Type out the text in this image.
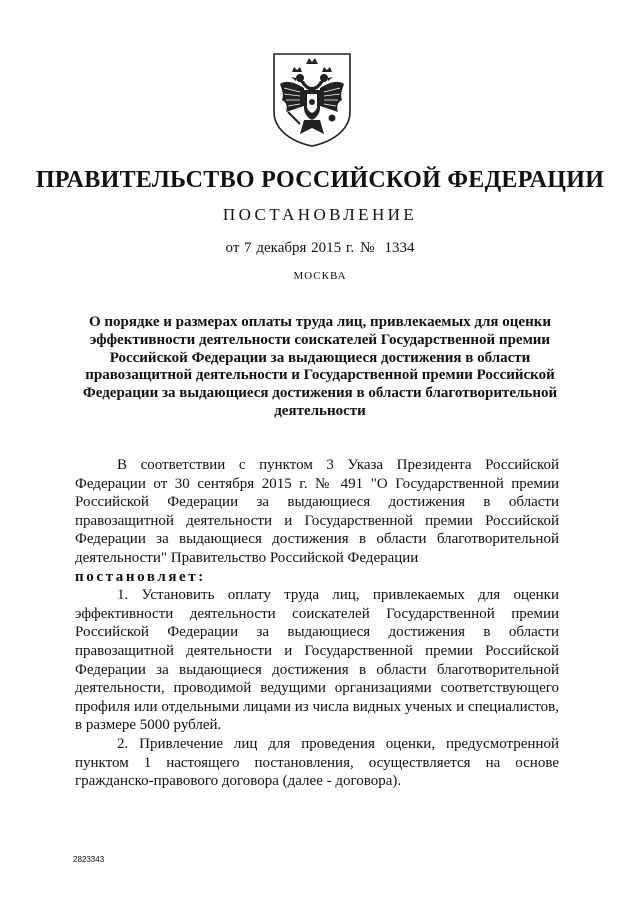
ПРАВИТЕЛЬСТВО РОССИЙСКОЙ ФЕДЕРАЦИИ
ПОСТАНОВЛЕНИЕ
от 7 декабря 2015 г. № 1334
МОСКВА
О порядке и размерах оплаты труда лиц, привлекаемых для оценки эффективности деятельности соискателей Государственной премии Российской Федерации за выдающиеся достижения в области правозащитной деятельности и Государственной премии Российской Федерации за выдающиеся достижения в области благотворительной деятельности

В соответствии с пунктом 3 Указа Президента Российской Федерации от 30 сентября 2015 г. № 491 "О Государственной премии Российской Федерации за выдающиеся достижения в области правозащитной деятельности и Государственной премии Российской Федерации за выдающиеся достижения в области благотворительной деятельности" Правительство Российской Федерации
постановляет:

1. Установить оплату труда лиц, привлекаемых для оценки эффективности деятельности соискателей Государственной премии Российской Федерации за выдающиеся достижения в области правозащитной деятельности и Государственной премии Российской Федерации за выдающиеся достижения в области благотворительной деятельности, проводимой ведущими организациями соответствующего профиля или отдельными лицами из числа видных ученых и специалистов, в размере 5000 рублей.

2. Привлечение лиц для проведения оценки, предусмотренной пунктом 1 настоящего постановления, осуществляется на основе гражданско-правового договора (далее - договора).

2823343
